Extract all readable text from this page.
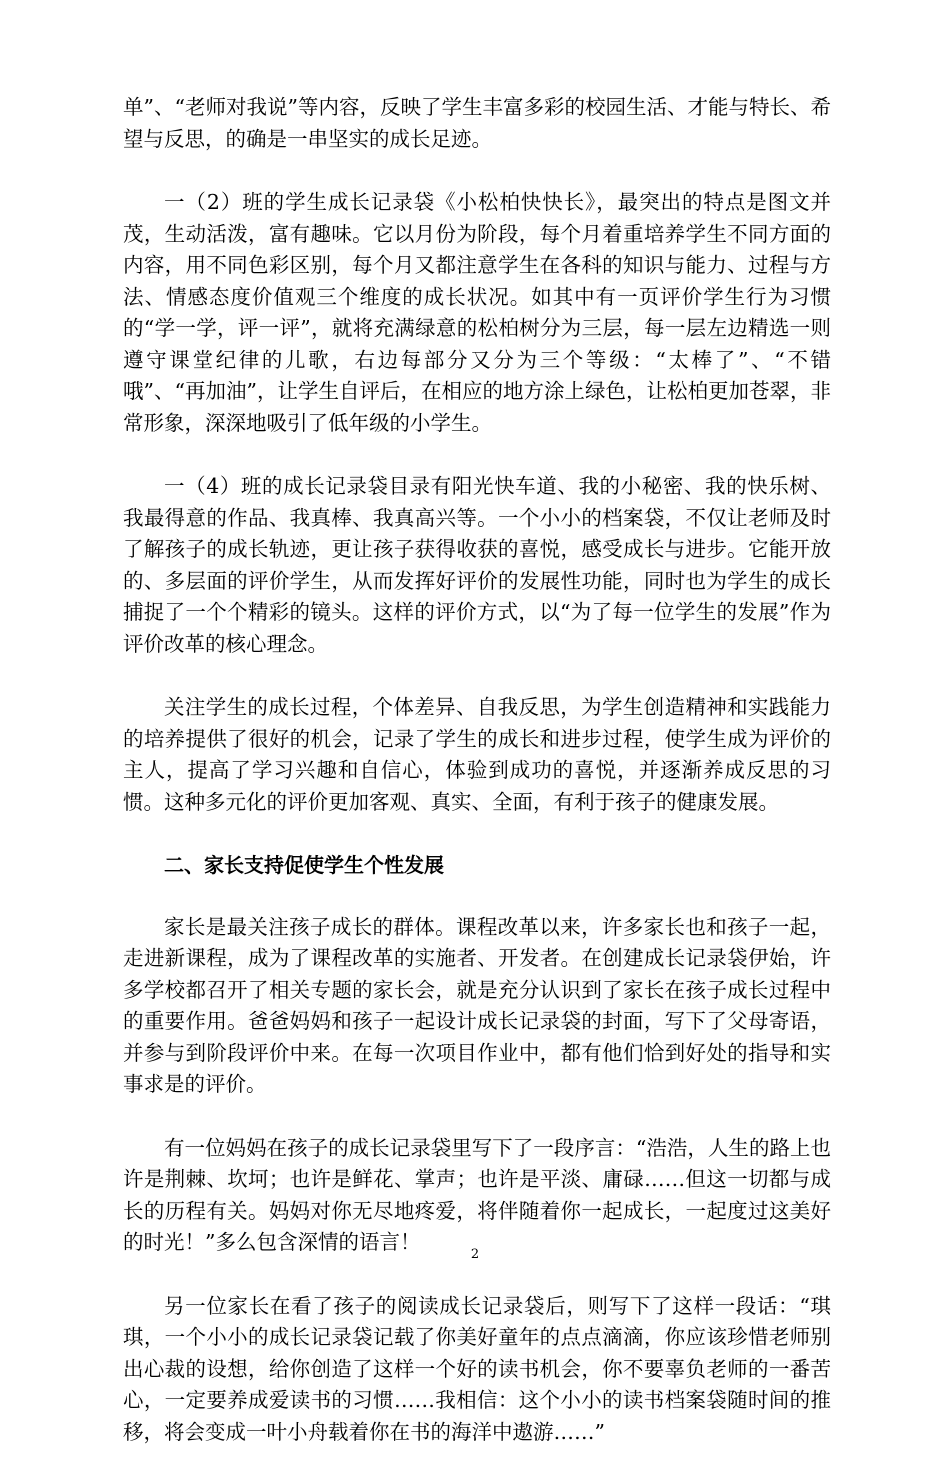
单”、“老师对我说”等内容，反映了学生丰富多彩的校园生活、才能与特长、希望与反思，的确是一串坚实的成长足迹。

一（2）班的学生成长记录袋《小松柏快快长》，最突出的特点是图文并茂，生动活泼，富有趣味。它以月份为阶段，每个月着重培养学生不同方面的内容，用不同色彩区别，每个月又都注意学生在各科的知识与能力、过程与方法、情感态度价值观三个维度的成长状况。如其中有一页评价学生行为习惯的“学一学，评一评”，就将充满绿意的松柏树分为三层，每一层左边精选一则遵守课堂纪律的儿歌，右边每部分又分为三个等级：“太棒了”、“不错哦”、“再加油”，让学生自评后，在相应的地方涂上绿色，让松柏更加苍翠，非常形象，深深地吸引了低年级的小学生。

一（4）班的成长记录袋目录有阳光快车道、我的小秘密、我的快乐树、我最得意的作品、我真棒、我真高兴等。一个小小的档案袋，不仅让老师及时了解孩子的成长轨迹，更让孩子获得收获的喜悦，感受成长与进步。它能开放的、多层面的评价学生，从而发挥好评价的发展性功能，同时也为学生的成长捕捉了一个个精彩的镜头。这样的评价方式，以“为了每一位学生的发展”作为评价改革的核心理念。

关注学生的成长过程，个体差异、自我反思，为学生创造精神和实践能力的培养提供了很好的机会，记录了学生的成长和进步过程，使学生成为评价的主人，提高了学习兴趣和自信心，体验到成功的喜悦，并逐渐养成反思的习惯。这种多元化的评价更加客观、真实、全面，有利于孩子的健康发展。

二、家长支持促使学生个性发展

家长是最关注孩子成长的群体。课程改革以来，许多家长也和孩子一起，走进新课程，成为了课程改革的实施者、开发者。在创建成长记录袋伊始，许多学校都召开了相关专题的家长会，就是充分认识到了家长在孩子成长过程中的重要作用。爸爸妈妈和孩子一起设计成长记录袋的封面，写下了父母寄语，并参与到阶段评价中来。在每一次项目作业中，都有他们恰到好处的指导和实事求是的评价。

有一位妈妈在孩子的成长记录袋里写下了一段序言：“浩浩，人生的路上也许是荆棘、坎坷；也许是鲜花、掌声；也许是平淡、庸碌……但这一切都与成长的历程有关。妈妈对你无尽地疼爱，将伴随着你一起成长，一起度过这美好的时光！”多么包含深情的语言！

另一位家长在看了孩子的阅读成长记录袋后，则写下了这样一段话：“琪琪，一个小小的成长记录袋记载了你美好童年的点点滴滴，你应该珍惜老师别出心裁的设想，给你创造了这样一个好的读书机会，你不要辜负老师的一番苦心，一定要养成爱读书的习惯……我相信：这个小小的读书档案袋随时间的推移，将会变成一叶小舟载着你在书的海洋中遨游……”

2
